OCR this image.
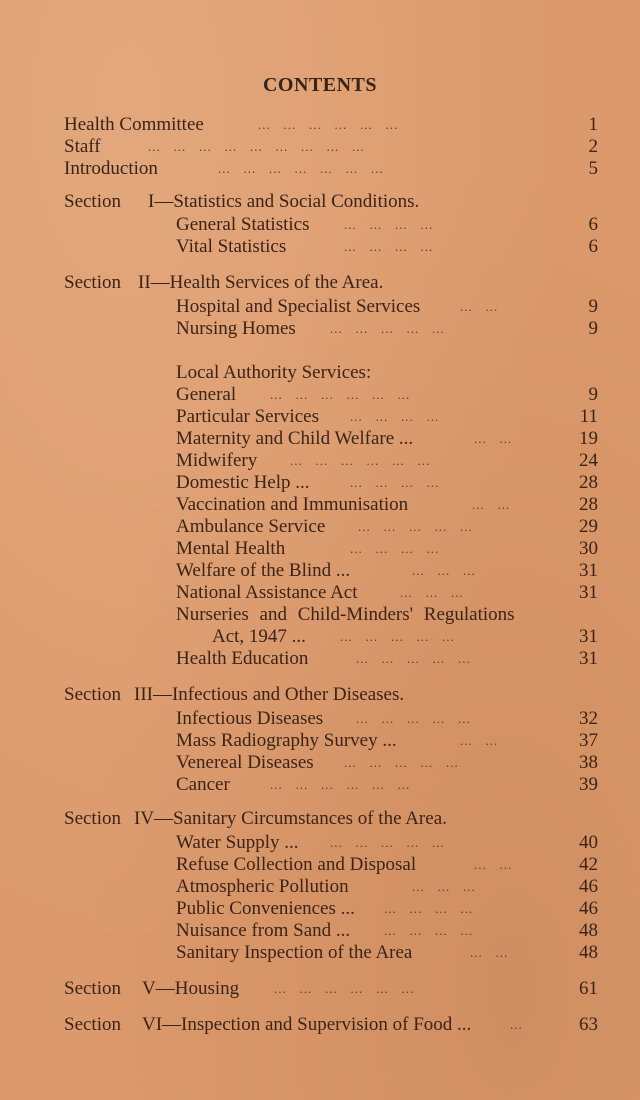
CONTENTS
Health Committee	...   ...   ...   ...   ...   ...	1
Staff	...   ...   ...   ...   ...   ...   ...   ...   ...	2
Introduction	...   ...   ...   ...   ...   ...   ...	5
Section I—Statistics and Social Conditions.
General Statistics	...   ...   ...   ...	6
Vital Statistics	...   ...   ...   ...	6
Section II—Health Services of the Area.
Hospital and Specialist Services	...   ...	9
Nursing Homes	...   ...   ...   ...   ...	9
Local Authority Services:
General	...   ...   ...   ...   ...   ...	9
Particular Services ...   ...   ...   ...	11
Maternity and Child Welfare ...	...   ...	19
Midwifery	...   ...   ...   ...   ...   ...	24
Domestic Help ...	...   ...   ...   ...	28
Vaccination and Immunisation	...   ...	28
Ambulance Service	...   ...   ...   ...   ...	29
Mental Health	...   ...   ...   ...	30
Welfare of the Blind ...	...   ...   ...	31
National Assistance Act	...   ...   ...	31
Nurseries and Child-Minders' Regulations
Act, 1947 ...	...   ...   ...   ...   ...	31
Health Education	...   ...   ...   ...   ...	31
Section III—Infectious and Other Diseases.
Infectious Diseases	...   ...   ...   ...   ...	32
Mass Radiography Survey ...	...   ...	37
Venereal Diseases ...   ...   ...   ...   ...	38
Cancer	...   ...   ...   ...   ...   ...	39
Section IV—Sanitary Circumstances of the Area.
Water Supply ... ...   ...   ...   ...   ...	40
Refuse Collection and Disposal	...   ...	42
Atmospheric Pollution	...   ...   ...	46
Public Conveniences ... ...   ...   ...   ...	46
Nuisance from Sand ...	...   ...   ...   ...	48
Sanitary Inspection of the Area	...   ...	48
Section V—Housing	...   ...   ...   ...   ...   ...	61
Section VI—Inspection and Supervision of Food ...	...	63
